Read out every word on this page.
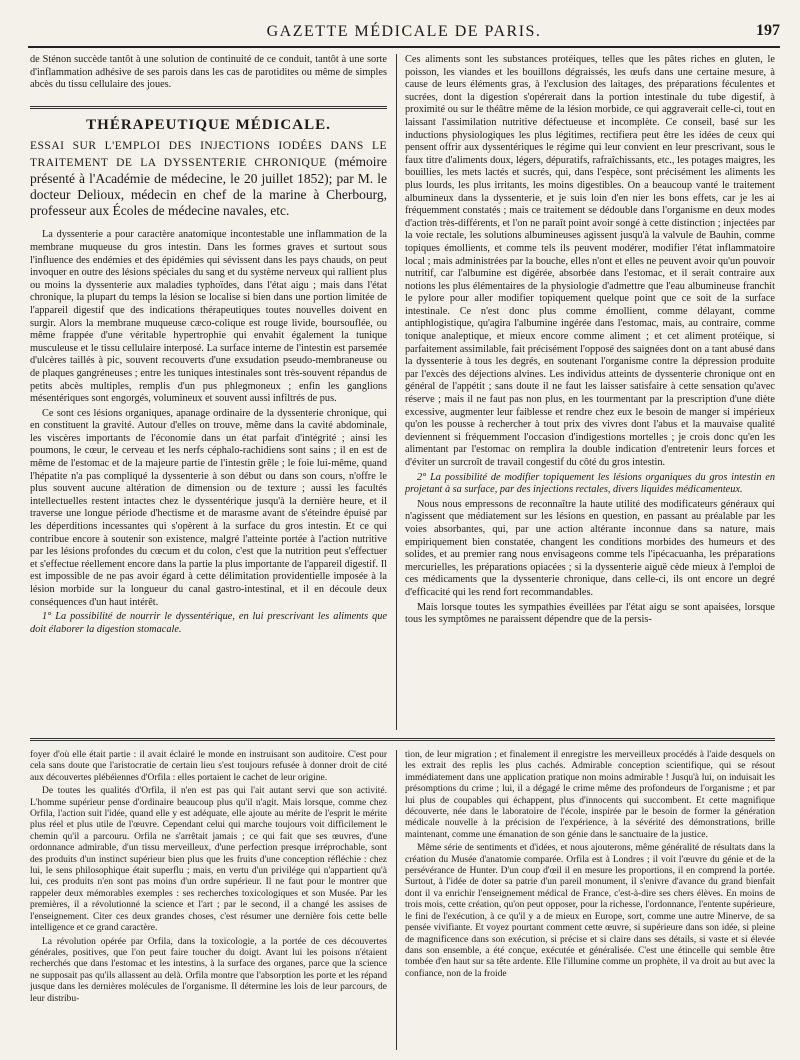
GAZETTE MÉDICALE DE PARIS.	197

de Sténon succède tantôt à une solution de continuité de ce conduit, tantôt à une sorte d'inflammation adhésive de ses parois dans les cas de parotidites ou même de simples abcès du tissu cellulaire des joues.

THÉRAPEUTIQUE MÉDICALE.
ESSAI SUR L'EMPLOI DES INJECTIONS IODÉES DANS LE TRAITEMENT DE LA DYSSENTERIE CHRONIQUE (mémoire présenté à l'Académie de médecine, le 20 juillet 1852); par M. le docteur Delioux, médecin en chef de la marine à Cherbourg, professeur aux Écoles de médecine navales, etc.

La dyssenterie a pour caractère anatomique incontestable une inflammation de la membrane muqueuse du gros intestin. Dans les formes graves et surtout sous l'influence des endémies et des épidémies qui sévissent dans les pays chauds, on peut invoquer en outre des lésions spéciales du sang et du système nerveux qui rallient plus ou moins la dyssenterie aux maladies typhoïdes, dans l'état aigu ; mais dans l'état chronique, la plupart du temps la lésion se localise si bien dans une portion limitée de l'appareil digestif que des indications thérapeutiques toutes nouvelles doivent en surgir. Alors la membrane muqueuse cæco-colique est rouge livide, boursouflée, ou même frappée d'une véritable hypertrophie qui envahit également la tunique musculeuse et le tissu cellulaire interposé. La surface interne de l'intestin est parsemée d'ulcères taillés à pic, souvent recouverts d'une exsudation pseudo-membraneuse ou de plaques gangréneuses ; entre les tuniques intestinales sont très-souvent répandus de petits abcès multiples, remplis d'un pus phlegmoneux ; enfin les ganglions mésentériques sont engorgés, volumineux et souvent aussi infiltrés de pus.

Ce sont ces lésions organiques, apanage ordinaire de la dyssenterie chronique, qui en constituent la gravité. Autour d'elles on trouve, même dans la cavité abdominale, les viscères importants de l'économie dans un état parfait d'intégrité ; ainsi les poumons, le cœur, le cerveau et les nerfs céphalo-rachidiens sont sains ; il en est de même de l'estomac et de la majeure partie de l'intestin grêle ; le foie lui-même, quand l'hépatite n'a pas compliqué la dyssenterie à son début ou dans son cours, n'offre le plus souvent aucune altération de dimension ou de texture ; aussi les facultés intellectuelles restent intactes chez le dyssentérique jusqu'à la dernière heure, et il traverse une longue période d'hectisme et de marasme avant de s'éteindre épuisé par les déperditions incessantes qui s'opèrent à la surface du gros intestin. Et ce qui contribue encore à soutenir son existence, malgré l'atteinte portée à l'action nutritive par les lésions profondes du cœcum et du colon, c'est que la nutrition peut s'effectuer et s'effectue réellement encore dans la partie la plus importante de l'appareil digestif. Il est impossible de ne pas avoir égard à cette délimitation providentielle imposée à la lésion morbide sur la longueur du canal gastro-intestinal, et il en découle deux conséquences d'un haut intérêt.

1° La possibilité de nourrir le dyssentérique, en lui prescrivant les aliments que doit élaborer la digestion stomacale.

Ces aliments sont les substances protéiques, telles que les pâtes riches en gluten, le poisson, les viandes et les bouillons dégraissés, les œufs dans une certaine mesure, à cause de leurs éléments gras, à l'exclusion des laitages, des préparations féculentes et sucrées, dont la digestion s'opérerait dans la portion intestinale du tube digestif, à proximité ou sur le théâtre même de la lésion morbide, ce qui aggraverait celle-ci, tout en laissant l'assimilation nutritive défectueuse et incomplète. Ce conseil, basé sur les inductions physiologiques les plus légitimes, rectifiera peut être les idées de ceux qui pensent offrir aux dyssentériques le régime qui leur convient en leur prescrivant, sous le faux titre d'aliments doux, légers, dépuratifs, rafraîchissants, etc., les potages maigres, les bouillies, les mets lactés et sucrés, qui, dans l'espèce, sont précisément les aliments les plus lourds, les plus irritants, les moins digestibles. On a beaucoup vanté le traitement albumineux dans la dyssenterie, et je suis loin d'en nier les bons effets, car je les ai fréquemment constatés ; mais ce traitement se dédouble dans l'organisme en deux modes d'action très-différents, et l'on ne paraît point avoir songé à cette distinction ; injectées par la voie rectale, les solutions albumineuses agissent jusqu'à la valvule de Bauhin, comme topiques émollients, et comme tels ils peuvent modérer, modifier l'état inflammatoire local ; mais administrées par la bouche, elles n'ont et elles ne peuvent avoir qu'un pouvoir nutritif, car l'albumine est digérée, absorbée dans l'estomac, et il serait contraire aux notions les plus élémentaires de la physiologie d'admettre que l'eau albumineuse franchit le pylore pour aller modifier topiquement quelque point que ce soit de la surface intestinale. Ce n'est donc plus comme émollient, comme délayant, comme antiphlogistique, qu'agira l'albumine ingérée dans l'estomac, mais, au contraire, comme tonique analeptique, et mieux encore comme aliment ; et cet aliment protéique, si parfaitement assimilable, fait précisément l'opposé des saignées dont on a tant abusé dans la dyssenterie à tous les degrés, en soutenant l'organisme contre la dépression produite par l'excès des déjections alvines. Les individus atteints de dyssenterie chronique ont en général de l'appétit ; sans doute il ne faut les laisser satisfaire à cette sensation qu'avec réserve ; mais il ne faut pas non plus, en les tourmentant par la prescription d'une diète excessive, augmenter leur faiblesse et rendre chez eux le besoin de manger si impérieux qu'on les pousse à rechercher à tout prix des vivres dont l'abus et la mauvaise qualité deviennent si fréquemment l'occasion d'indigestions mortelles ; je crois donc qu'en les alimentant par l'estomac on remplira la double indication d'entretenir leurs forces et d'éviter un surcroît de travail congestif du côté du gros intestin.

2° La possibilité de modifier topiquement les lésions organiques du gros intestin en projetant à sa surface, par des injections rectales, divers liquides médicamenteux.

Nous nous empressons de reconnaître la haute utilité des modificateurs généraux qui n'agissent que médiatement sur les lésions en question, en passant au préalable par les voies absorbantes, qui, par une action altérante inconnue dans sa nature, mais empiriquement bien constatée, changent les conditions morbides des humeurs et des solides, et au premier rang nous envisageons comme tels l'ipécacuanha, les préparations mercurielles, les préparations opiacées ; si la dyssenterie aiguë cède mieux à l'emploi de ces médicaments que la dyssenterie chronique, dans celle-ci, ils ont encore un degré d'efficacité qui les rend fort recommandables.

Mais lorsque toutes les sympathies éveillées par l'état aigu se sont apaisées, lorsque tous les symptômes ne paraissent dépendre que de la persis-

foyer d'où elle était partie : il avait éclairé le monde en instruisant son auditoire. C'est pour cela sans doute que l'aristocratie de certain lieu s'est toujours refusée à donner droit de cité aux découvertes plébéiennes d'Orfila : elles portaient le cachet de leur origine.

De toutes les qualités d'Orfila, il n'en est pas qui l'ait autant servi que son activité. L'homme supérieur pense d'ordinaire beaucoup plus qu'il n'agit. Mais lorsque, comme chez Orfila, l'action suit l'idée, quand elle y est adéquate, elle ajoute au mérite de l'esprit le mérite plus réel et plus utile de l'œuvre. Cependant celui qui marche toujours voit difficilement le chemin qu'il a parcouru. Orfila ne s'arrêtait jamais ; ce qui fait que ses œuvres, d'une ordonnance admirable, d'un tissu merveilleux, d'une perfection presque irréprochable, sont des produits d'un instinct supérieur bien plus que les fruits d'une conception réfléchie : chez lui, le sens philosophique était superflu ; mais, en vertu d'un privilége qui n'appartient qu'à lui, ces produits n'en sont pas moins d'un ordre supérieur. Il ne faut pour le montrer que rappeler deux mémorables exemples : ses recherches toxicologiques et son Musée. Par les premières, il a révolutionné la science et l'art ; par le second, il a changé les assises de l'enseignement. Citer ces deux grandes choses, c'est résumer une dernière fois cette belle intelligence et ce grand caractère.

La révolution opérée par Orfila, dans la toxicologie, a la portée de ces découvertes générales, positives, que l'on peut faire toucher du doigt. Avant lui les poisons n'étaient recherchés que dans l'estomac et les intestins, à la surface des organes, parce que la science ne supposait pas qu'ils allassent au delà. Orfila montre que l'absorption les porte et les répand jusque dans les dernières molécules de l'organisme. Il détermine les lois de leur parcours, de leur distribu-

tion, de leur migration ; et finalement il enregistre les merveilleux procédés à l'aide desquels on les extrait des replis les plus cachés. Admirable conception scientifique, qui se résout immédiatement dans une application pratique non moins admirable ! Jusqu'à lui, on induisait les présomptions du crime ; lui, il a dégagé le crime même des profondeurs de l'organisme ; et par lui plus de coupables qui échappent, plus d'innocents qui succombent. Et cette magnifique découverte, née dans le laboratoire de l'école, inspirée par le besoin de former la génération médicale nouvelle à la précision de l'expérience, à la sévérité des démonstrations, brille maintenant, comme une émanation de son génie dans le sanctuaire de la justice.

Même série de sentiments et d'idées, et nous ajouterons, même généralité de résultats dans la création du Musée d'anatomie comparée. Orfila est à Londres ; il voit l'œuvre du génie et de la persévérance de Hunter. D'un coup d'œil il en mesure les proportions, il en comprend la portée. Surtout, à l'idée de doter sa patrie d'un pareil monument, il s'enivre d'avance du grand bienfait dont il va enrichir l'enseignement médical de France, c'est-à-dire ses chers élèves. En moins de trois mois, cette création, qu'on peut opposer, pour la richesse, l'ordonnance, l'entente supérieure, le fini de l'exécution, à ce qu'il y a de mieux en Europe, sort, comme une autre Minerve, de sa pensée vivifiante. Et voyez pourtant comment cette œuvre, si supérieure dans son idée, si pleine de magnificence dans son exécution, si précise et si claire dans ses détails, si vaste et si élevée dans son ensemble, a été conçue, exécutée et généralisée. C'est une étincelle qui semble être tombée d'en haut sur sa tête ardente. Elle l'illumine comme un prophète, il va droit au but avec la confiance, non de la froide
